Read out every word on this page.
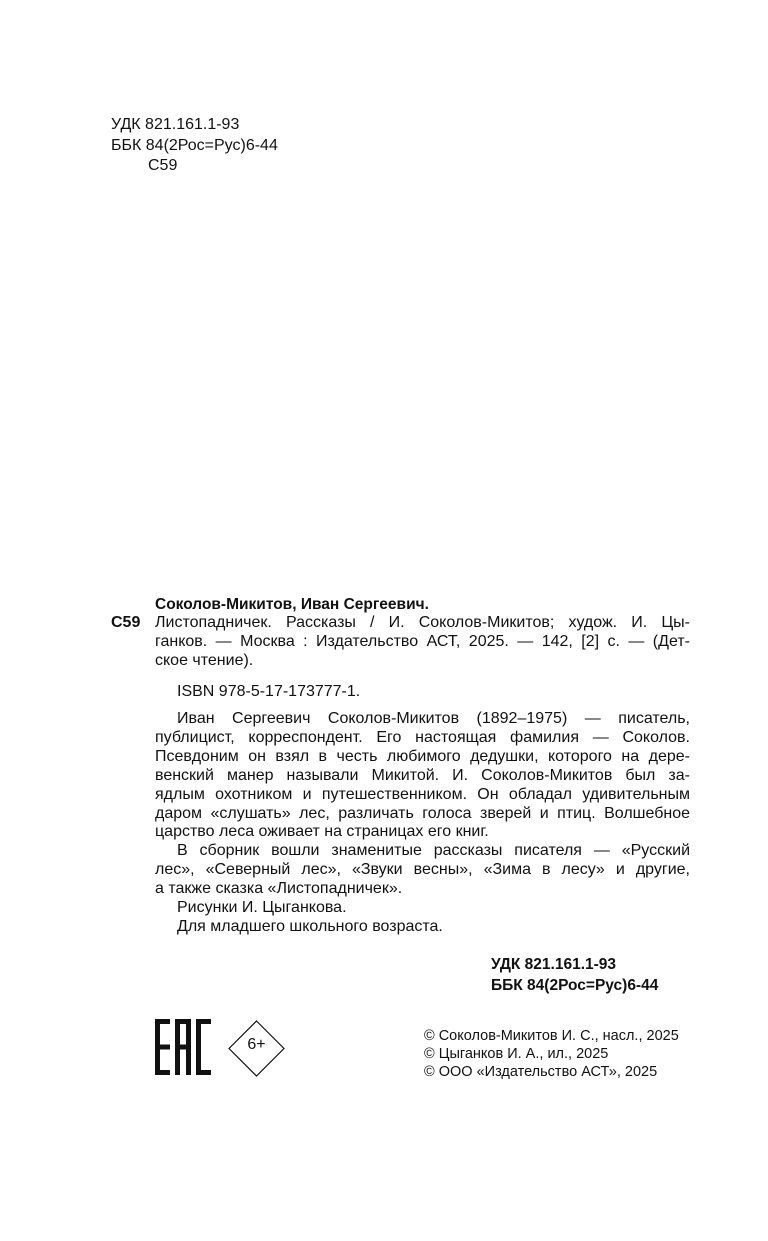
УДК 821.161.1-93
ББК 84(2Рос=Рус)6-44
С59
Соколов-Микитов, Иван Сергеевич.
С59 Листопадничек. Рассказы / И. Соколов-Микитов; худож. И. Цы-
ганков. — Москва : Издательство АСТ, 2025. — 142, [2] с. — (Дет-
ское чтение).
ISBN 978-5-17-173777-1.
Иван Сергеевич Соколов-Микитов (1892–1975) — писатель,
публицист, корреспондент. Его настоящая фамилия — Соколов.
Псевдоним он взял в честь любимого дедушки, которого на дере-
венский манер называли Микитой. И. Соколов-Микитов был за-
ядлым охотником и путешественником. Он обладал удивительным
даром «слушать» лес, различать голоса зверей и птиц. Волшебное
царство леса оживает на страницах его книг.
В сборник вошли знаменитые рассказы писателя — «Русский
лес», «Северный лес», «Звуки весны», «Зима в лесу» и другие,
а также сказка «Листопадничек».
Рисунки И. Цыганкова.
Для младшего школьного возраста.
УДК 821.161.1-93
ББК 84(2Рос=Рус)6-44
6+	© Соколов-Микитов И. С., насл., 2025
© Цыганков И. А., ил., 2025
© ООО «Издательство АСТ», 2025
